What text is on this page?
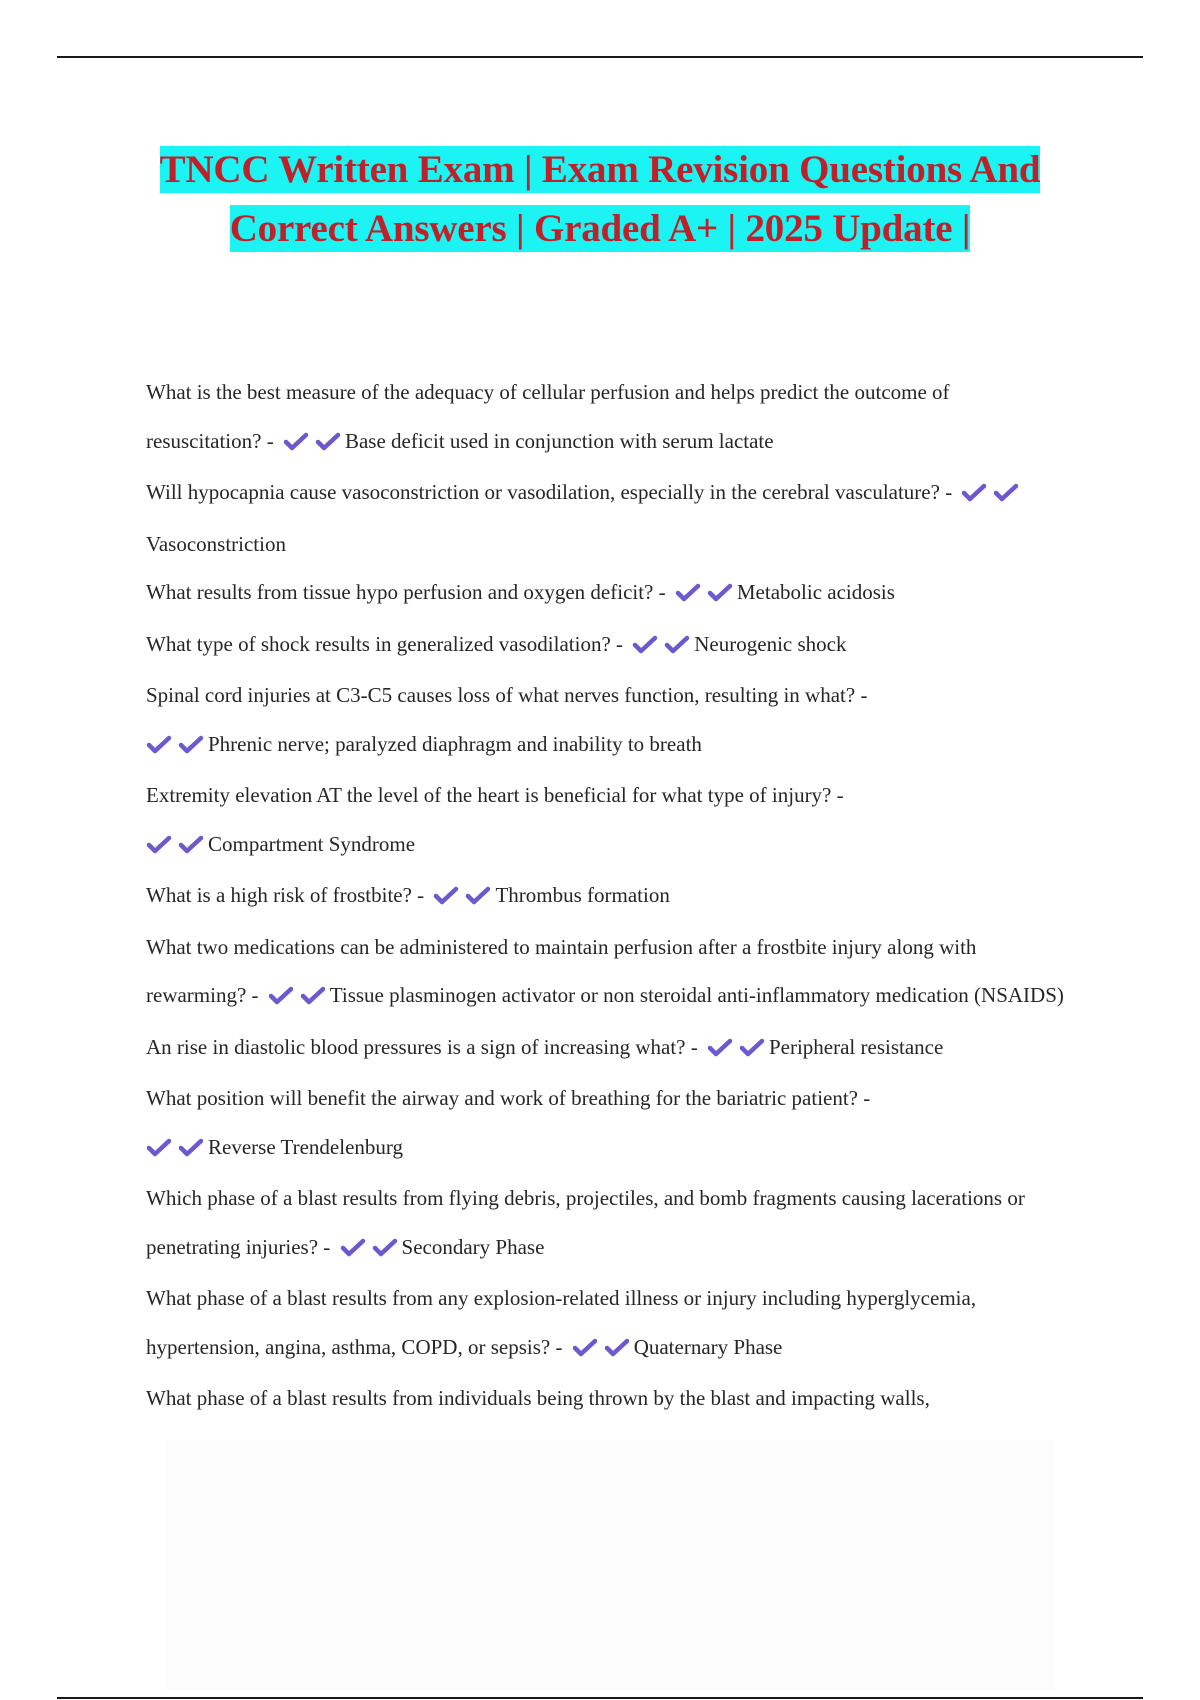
TNCC Written Exam | Exam Revision Questions And
Correct Answers | Graded A+ | 2025 Update |

What is the best measure of the adequacy of cellular perfusion and helps predict the outcome of resuscitation? -	Base deficit used in conjunction with serum lactate

Will hypocapnia cause vasoconstriction or vasodilation, especially in the cerebral vasculature? -
Vasoconstriction

What results from tissue hypo perfusion and oxygen deficit? -	Metabolic acidosis

What type of shock results in generalized vasodilation? -	Neurogenic shock

Spinal cord injuries at C3-C5 causes loss of what nerves function, resulting in what? -

Phrenic nerve; paralyzed diaphragm and inability to breath

Extremity elevation AT the level of the heart is beneficial for what type of injury? -

Compartment Syndrome

What is a high risk of frostbite? -	Thrombus formation

What two medications can be administered to maintain perfusion after a frostbite injury along with rewarming? -	Tissue plasminogen activator or non steroidal anti-inflammatory medication (NSAIDS)

An rise in diastolic blood pressures is a sign of increasing what? -	Peripheral resistance

What position will benefit the airway and work of breathing for the bariatric patient? -

Reverse Trendelenburg

Which phase of a blast results from flying debris, projectiles, and bomb fragments causing lacerations or penetrating injuries? -	Secondary Phase

What phase of a blast results from any explosion-related illness or injury including hyperglycemia, hypertension, angina, asthma, COPD, or sepsis? -	Quaternary Phase

What phase of a blast results from individuals being thrown by the blast and impacting walls,
